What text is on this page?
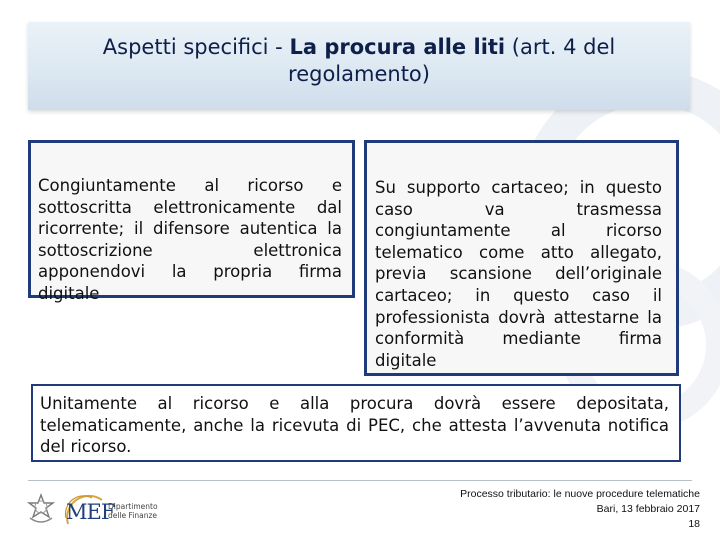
Aspetti specifici - La procura alle liti (art. 4 del
regolamento)
Congiuntamente al ricorso e sottoscritta elettronicamente dal ricorrente; il difensore autentica la sottoscrizione elettronica apponendovi la propria firma digitale
Su supporto cartaceo; in questo caso va trasmessa congiuntamente al ricorso telematico come atto allegato, previa scansione dell’originale cartaceo; in questo caso il professionista dovrà attestarne la conformità mediante firma digitale
Unitamente al ricorso e alla procura dovrà essere depositata, telematicamente, anche la ricevuta di PEC, che attesta l’avvenuta notifica del ricorso.
MEF
Dipartimento
delle Finanze
Processo tributario: le nuove procedure telematiche
Bari, 13 febbraio 2017
18
